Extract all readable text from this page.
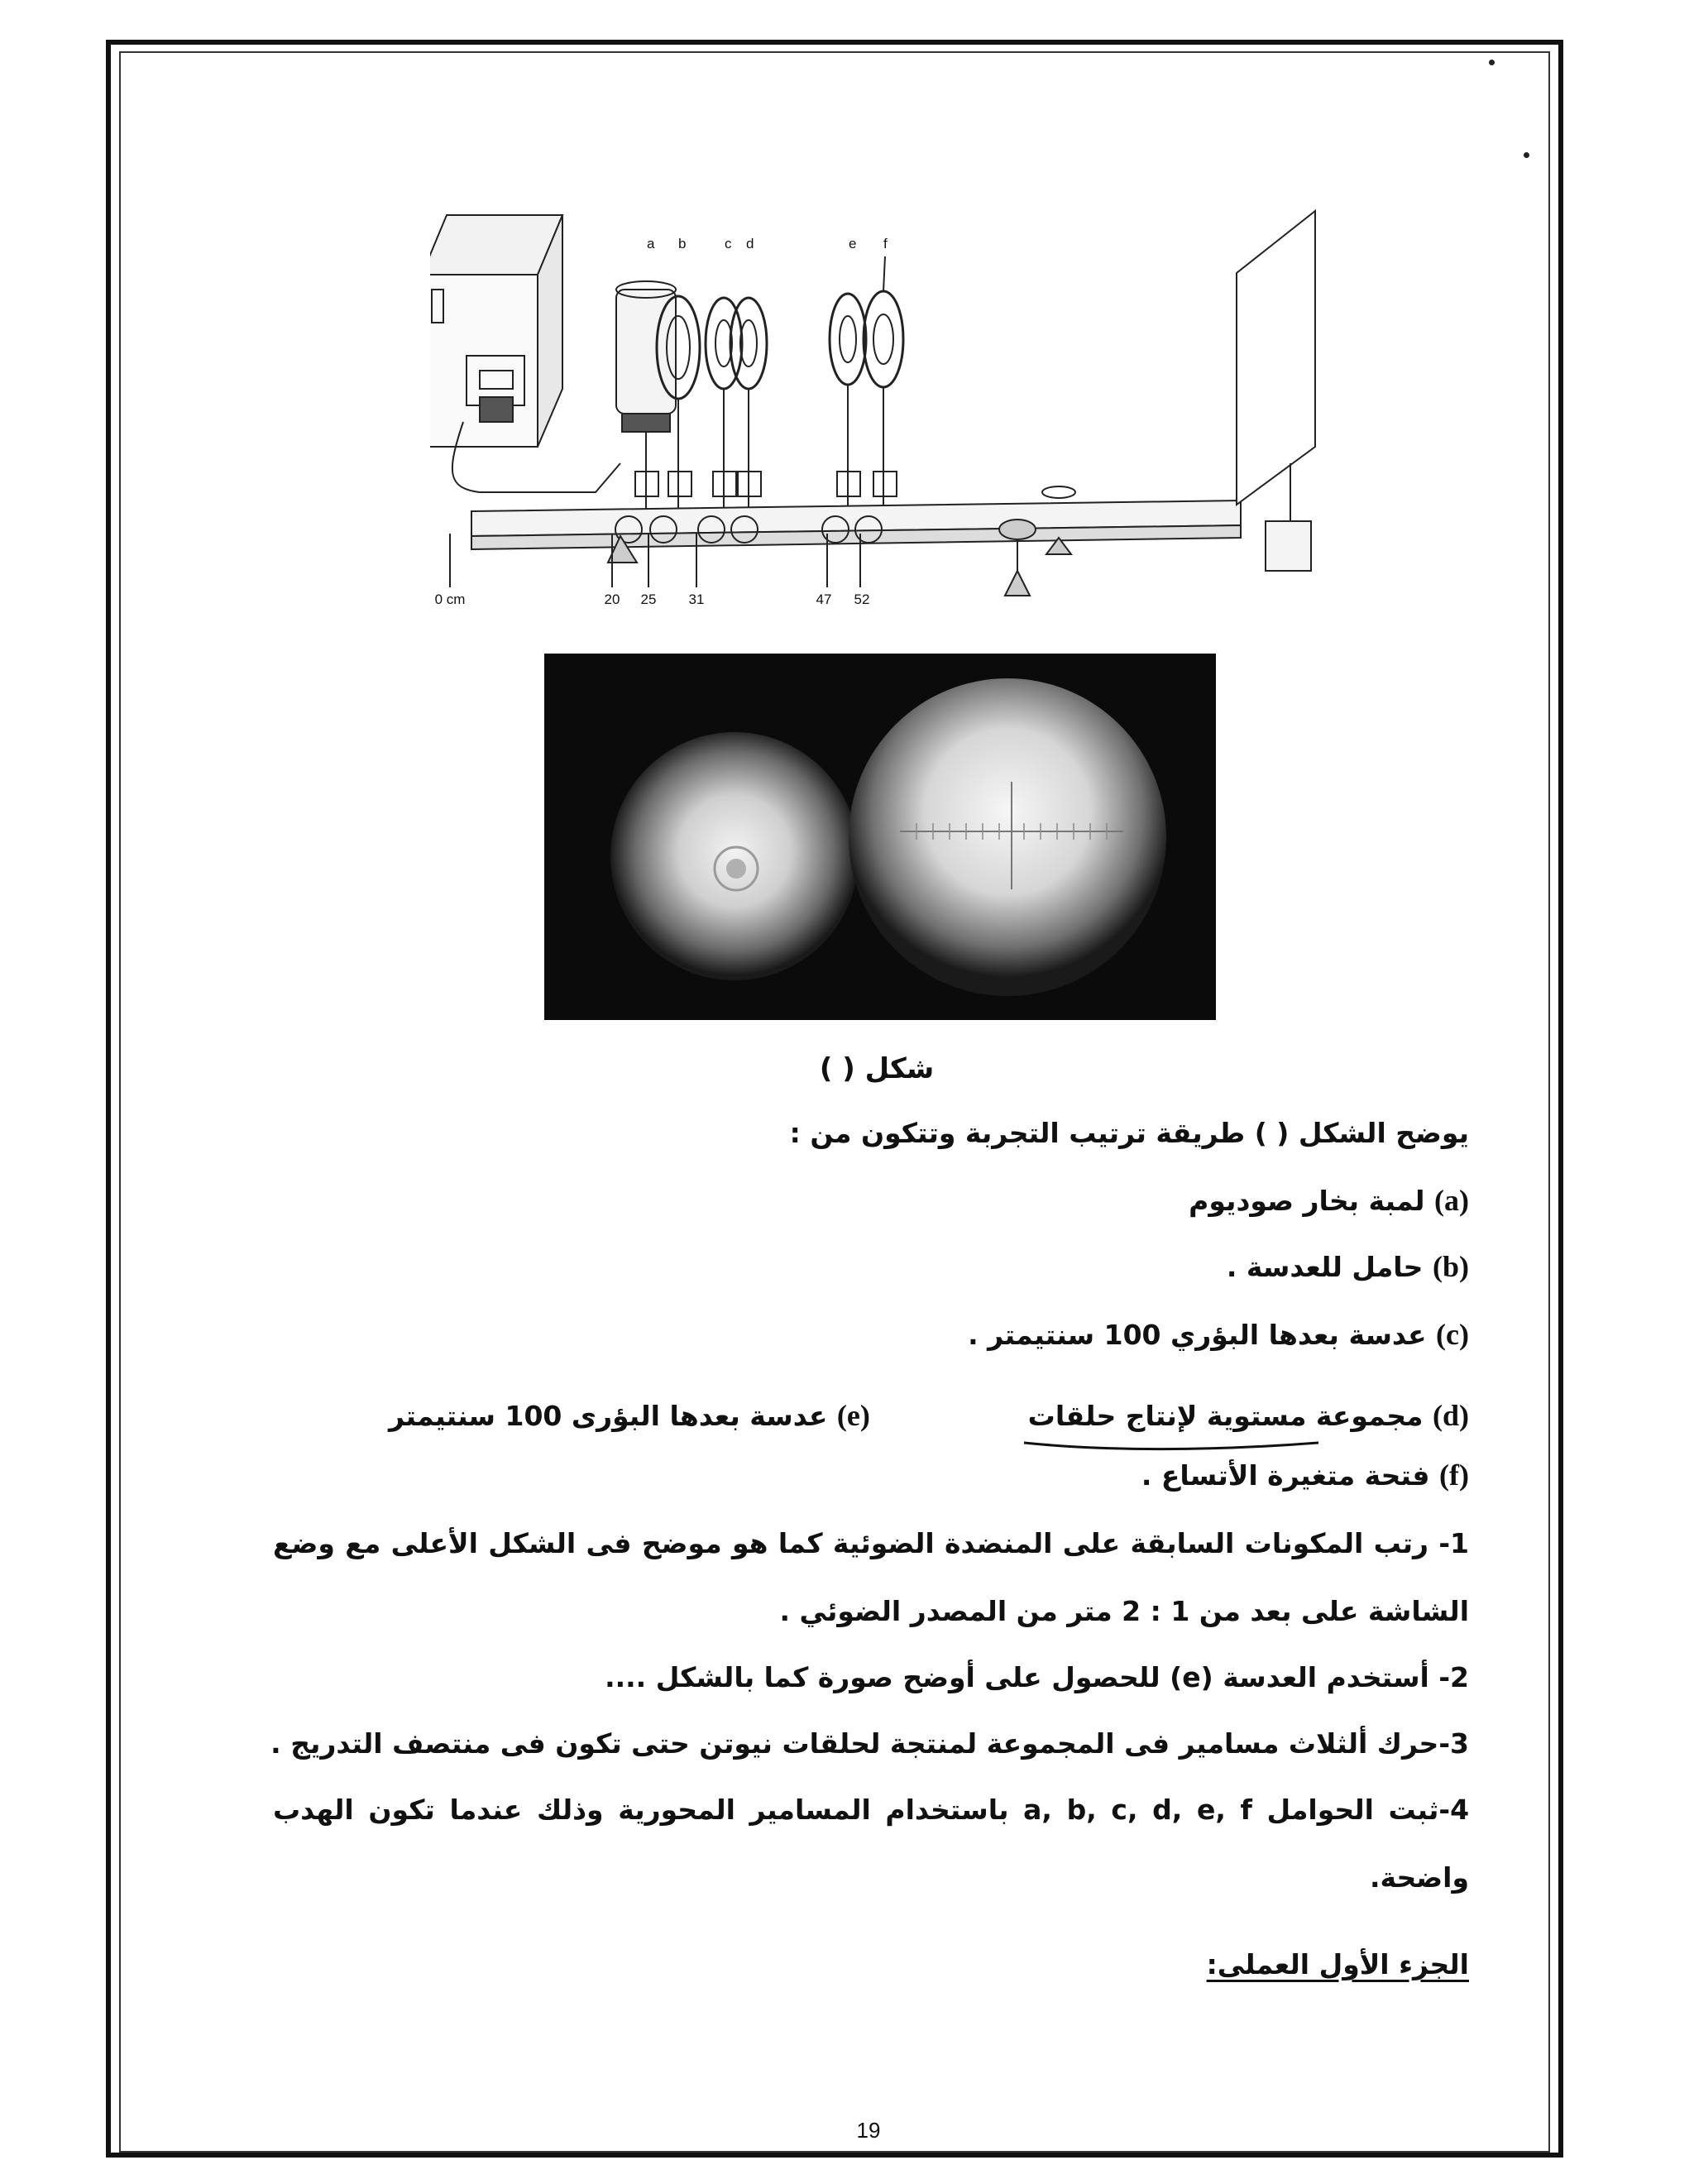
a b	c d	e f
0 cm	20 25 31	47 52
شكل ( )
يوضح الشكل ( ) طريقة ترتيب التجربة وتتكون من :
(a) لمبة بخار صوديوم
(b) حامل للعدسة .
(c) عدسة بعدها البؤري 100 سنتيمتر .
(d) مجموعة مستوية لإنتاج حلقات
(e) عدسة بعدها البؤرى 100 سنتيمتر
(f) فتحة متغيرة الأتساع .
1- رتب المكونات السابقة على المنضدة الضوئية كما هو موضح فى الشكل الأعلى مع وضع
الشاشة على بعد من 1 : 2 متر من المصدر الضوئي .
2- أستخدم العدسة (e) للحصول على أوضح صورة كما بالشكل ....
3-حرك ألثلاث مسامير فى المجموعة لمنتجة لحلقات نيوتن حتى تكون فى منتصف التدريج .
4-ثبت الحوامل a, b, c, d, e, f باستخدام المسامير المحورية وذلك عندما تكون الهدب
واضحة.
الجزء الأول العملى:
19
